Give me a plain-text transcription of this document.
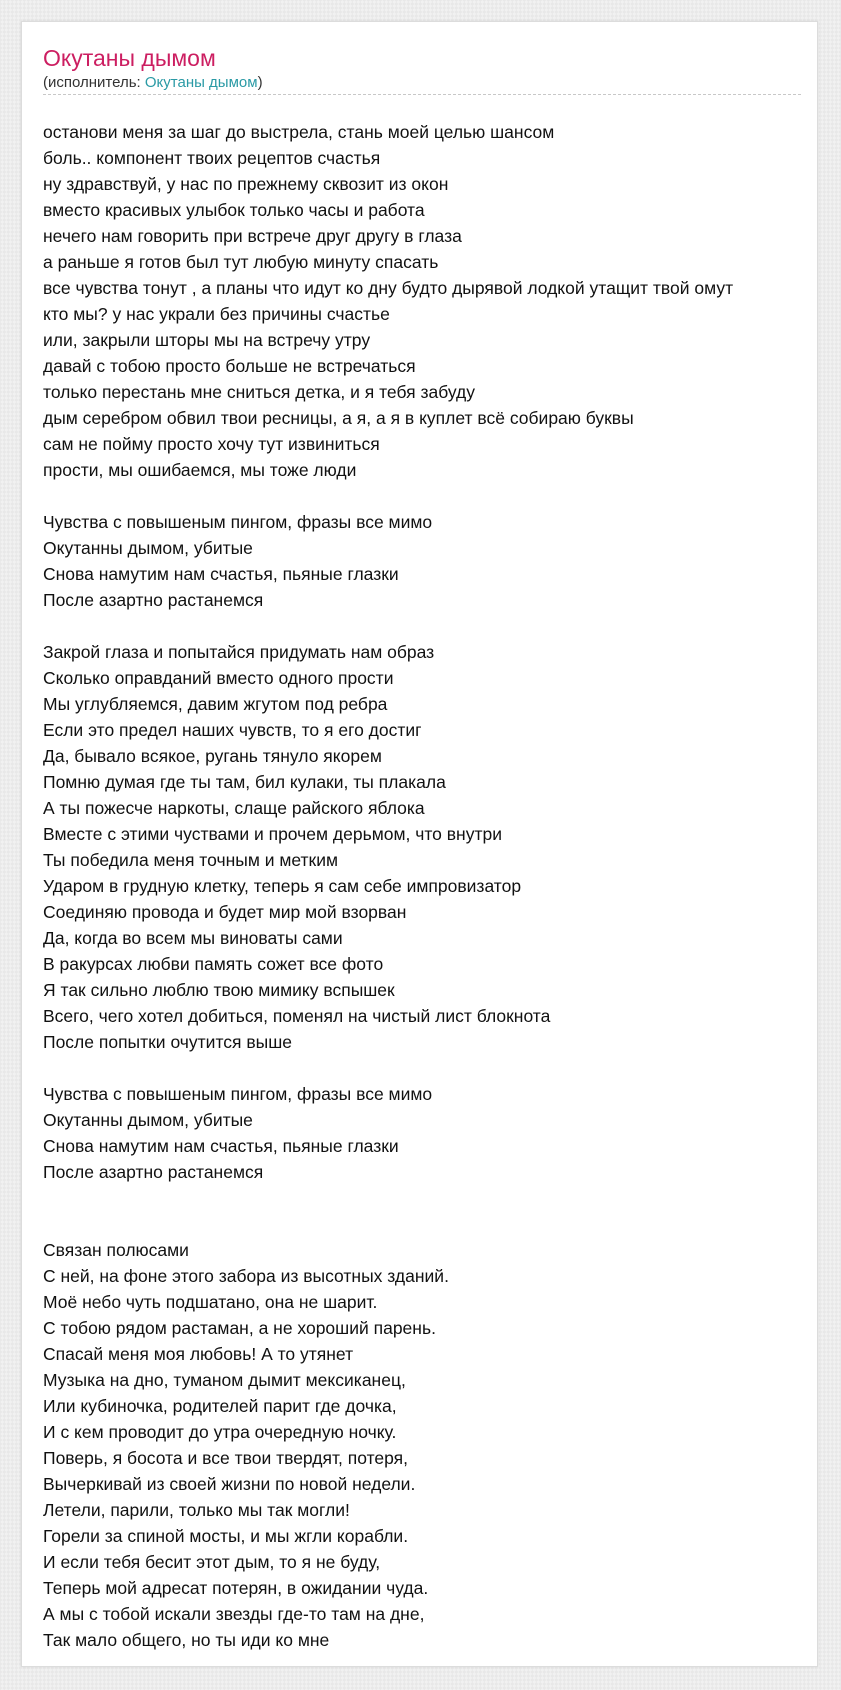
Окутаны дымом
(исполнитель: Окутаны дымом)
останови меня за шаг до выстрела, стань моей целью шансом
боль.. компонент твоих рецептов счастья
ну здравствуй, у нас по прежнему сквозит из окон
вместо красивых улыбок только часы и работа
нечего нам говорить при встрече друг другу в глаза
а раньше я готов был тут любую минуту спасать
все чувства тонут , а планы что идут ко дну будто дырявой лодкой утащит твой омут
кто мы? у нас украли без причины счастье
или, закрыли шторы мы на встречу утру
давай с тобою просто больше не встречаться
только перестань мне сниться детка, и я тебя забуду
дым серебром обвил твои ресницы, а я, а я в куплет всё собираю буквы
сам не пойму просто хочу тут извиниться
прости, мы ошибаемся, мы тоже люди
Чувства с повышеным пингом, фразы все мимо
Окутанны дымом, убитые
Снова намутим нам счастья, пьяные глазки
После азартно растанемся
Закрой глаза и попытайся придумать нам образ
Сколько оправданий вместо одного прости
Мы углубляемся, давим жгутом под ребра
Если это предел наших чувств, то я его достиг
Да, бывало всякое, ругань тянуло якорем
Помню думая где ты там, бил кулаки, ты плакала
А ты пожесче наркоты, слаще райского яблока
Вместе с этими чуствами и прочем дерьмом, что внутри
Ты победила меня точным и метким
Ударом в грудную клетку, теперь я сам себе импровизатор
Соединяю провода и будет мир мой взорван
Да, когда во всем мы виноваты сами
В ракурсах любви память сожет все фото
Я так сильно люблю твою мимику вспышек
Всего, чего хотел добиться, поменял на чистый лист блокнота
После попытки очутится выше
Чувства с повышеным пингом, фразы все мимо
Окутанны дымом, убитые
Снова намутим нам счастья, пьяные глазки
После азартно растанемся
Связан полюсами
С ней, на фоне этого забора из высотных зданий.
Моё небо чуть подшатано, она не шарит.
С тобою рядом растаман, а не хороший парень.
Спасай меня моя любовь! А то утянет
Музыка на дно, туманом дымит мексиканец,
Или кубиночка, родителей парит где дочка,
И с кем проводит до утра очередную ночку.
Поверь, я босота и все твои твердят, потеря,
Вычеркивай из своей жизни по новой недели.
Летели, парили, только мы так могли!
Горели за спиной мосты, и мы жгли корабли.
И если тебя бесит этот дым, то я не буду,
Теперь мой адресат потерян, в ожидании чуда.
А мы с тобой искали звезды где-то там на дне,
Так мало общего, но ты иди ко мне
